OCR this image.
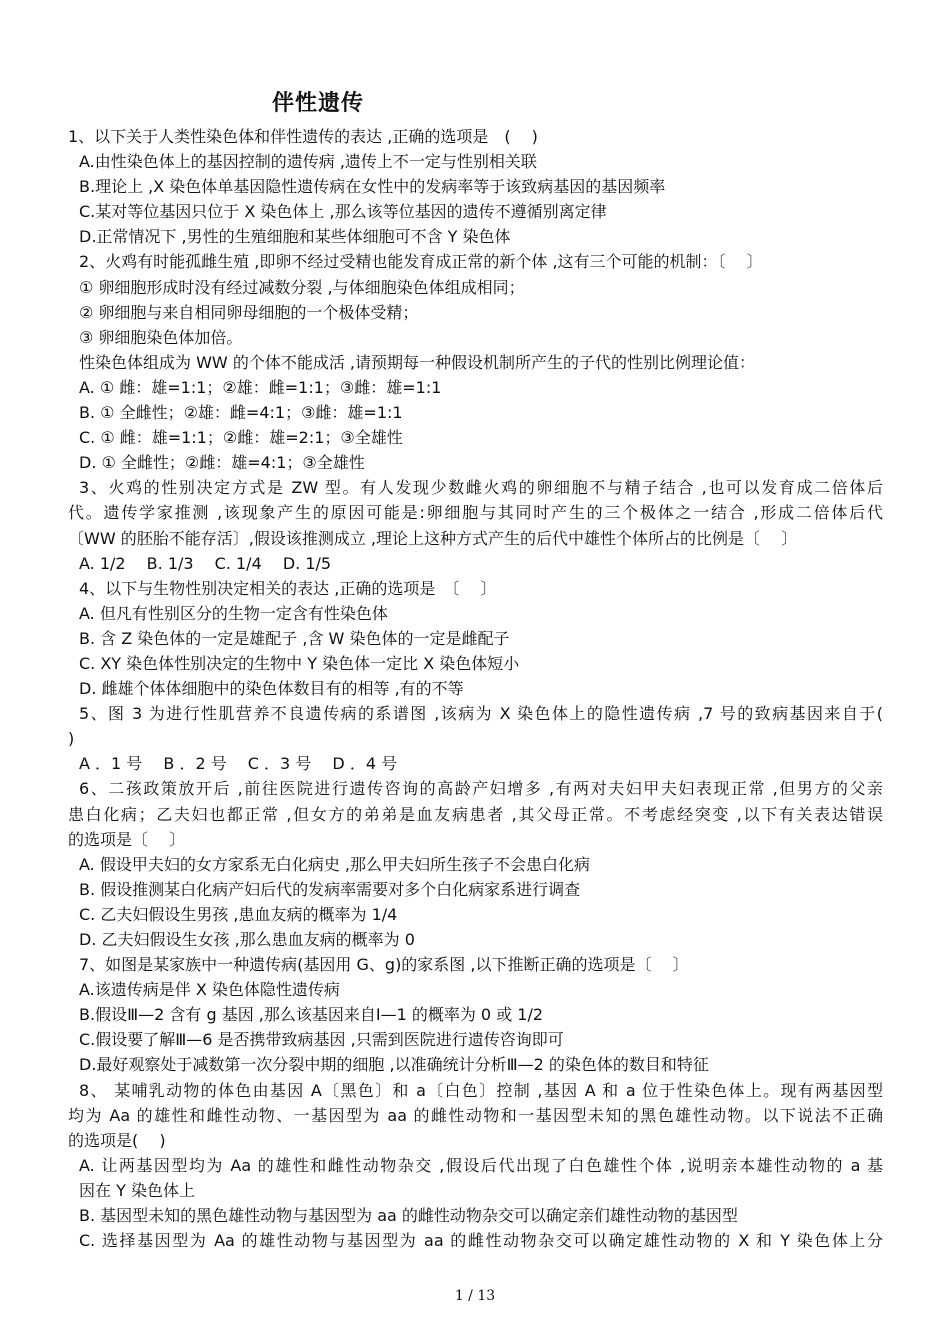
伴性遗传
1、以下关于人类性染色体和伴性遗传的表达 ,正确的选项是　(　 )
A.由性染色体上的基因控制的遗传病 ,遗传上不一定与性别相关联
B.理论上 ,X 染色体单基因隐性遗传病在女性中的发病率等于该致病基因的基因频率
C.某对等位基因只位于 X 染色体上 ,那么该等位基因的遗传不遵循别离定律
D.正常情况下 ,男性的生殖细胞和某些体细胞可不含 Y 染色体
2、火鸡有时能孤雌生殖 ,即卵不经过受精也能发育成正常的新个体 ,这有三个可能的机制：〔　 〕
① 卵细胞形成时没有经过减数分裂 ,与体细胞染色体组成相同；
② 卵细胞与来自相同卵母细胞的一个极体受精；
③ 卵细胞染色体加倍。
性染色体组成为 WW 的个体不能成活 ,请预期每一种假设机制所产生的子代的性别比例理论值：
A. ① 雌：雄=1:1；②雄：雌=1:1；③雌：雄=1:1
B. ① 全雌性；②雄：雌=4:1；③雌：雄=1:1
C. ① 雌：雄=1:1；②雌：雄=2:1；③全雄性
D. ① 全雌性；②雌：雄=4:1；③全雄性
3、火鸡的性别决定方式是 ZW 型。有人发现少数雌火鸡的卵细胞不与精子结合 ,也可以发育成二倍体后
代。遗传学家推测 ,该现象产生的原因可能是:卵细胞与其同时产生的三个极体之一结合 ,形成二倍体后代
〔WW 的胚胎不能存活〕,假设该推测成立 ,理论上这种方式产生的后代中雄性个体所占的比例是〔　 〕
A. 1/2　 B. 1/3　 C. 1/4　 D. 1/5
4、以下与生物性别决定相关的表达 ,正确的选项是　〔　 〕
A. 但凡有性别区分的生物一定含有性染色体
B. 含 Z 染色体的一定是雄配子 ,含 W 染色体的一定是雌配子
C. XY 染色体性别决定的生物中 Y 染色体一定比 X 染色体短小
D. 雌雄个体体细胞中的染色体数目有的相等 ,有的不等
5、图 3 为进行性肌营养不良遗传病的系谱图 ,该病为 X 染色体上的隐性遗传病 ,7 号的致病基因来自于(
)
A ．1 号　 B ．2 号　 C ．3 号　 D ．4 号
6、二孩政策放开后 ,前往医院进行遗传咨询的高龄产妇增多 ,有两对夫妇甲夫妇表现正常 ,但男方的父亲
患白化病；乙夫妇也都正常 ,但女方的弟弟是血友病患者 ,其父母正常。不考虑经突变 ,以下有关表达错误
的选项是〔　 〕
A. 假设甲夫妇的女方家系无白化病史 ,那么甲夫妇所生孩子不会患白化病
B. 假设推测某白化病产妇后代的发病率需要对多个白化病家系进行调查
C. 乙夫妇假设生男孩 ,患血友病的概率为 1/4
D. 乙夫妇假设生女孩 ,那么患血友病的概率为 0
7、如图是某家族中一种遗传病(基因用 G、g)的家系图 ,以下推断正确的选项是〔　 〕
A.该遗传病是伴 X 染色体隐性遗传病
B.假设Ⅲ—2 含有 g 基因 ,那么该基因来自Ⅰ—1 的概率为 0 或 1/2
C.假设要了解Ⅲ—6 是否携带致病基因 ,只需到医院进行遗传咨询即可
D.最好观察处于减数第一次分裂中期的细胞 ,以准确统计分析Ⅲ—2 的染色体的数目和特征
8、 某哺乳动物的体色由基因 A〔黑色〕和 a〔白色〕控制 ,基因 A 和 a 位于性染色体上。现有两基因型
均为 Aa 的雄性和雌性动物、一基因型为 aa 的雌性动物和一基因型未知的黑色雄性动物。以下说法不正确
的选项是(　 )
A. 让两基因型均为 Aa 的雄性和雌性动物杂交 ,假设后代出现了白色雄性个体 ,说明亲本雄性动物的 a 基
因在 Y 染色体上
B. 基因型未知的黑色雄性动物与基因型为 aa 的雌性动物杂交可以确定亲们雄性动物的基因型
C. 选择基因型为 Aa 的雄性动物与基因型为 aa 的雌性动物杂交可以确定雄性动物的 X 和 Y 染色体上分
1 / 13
